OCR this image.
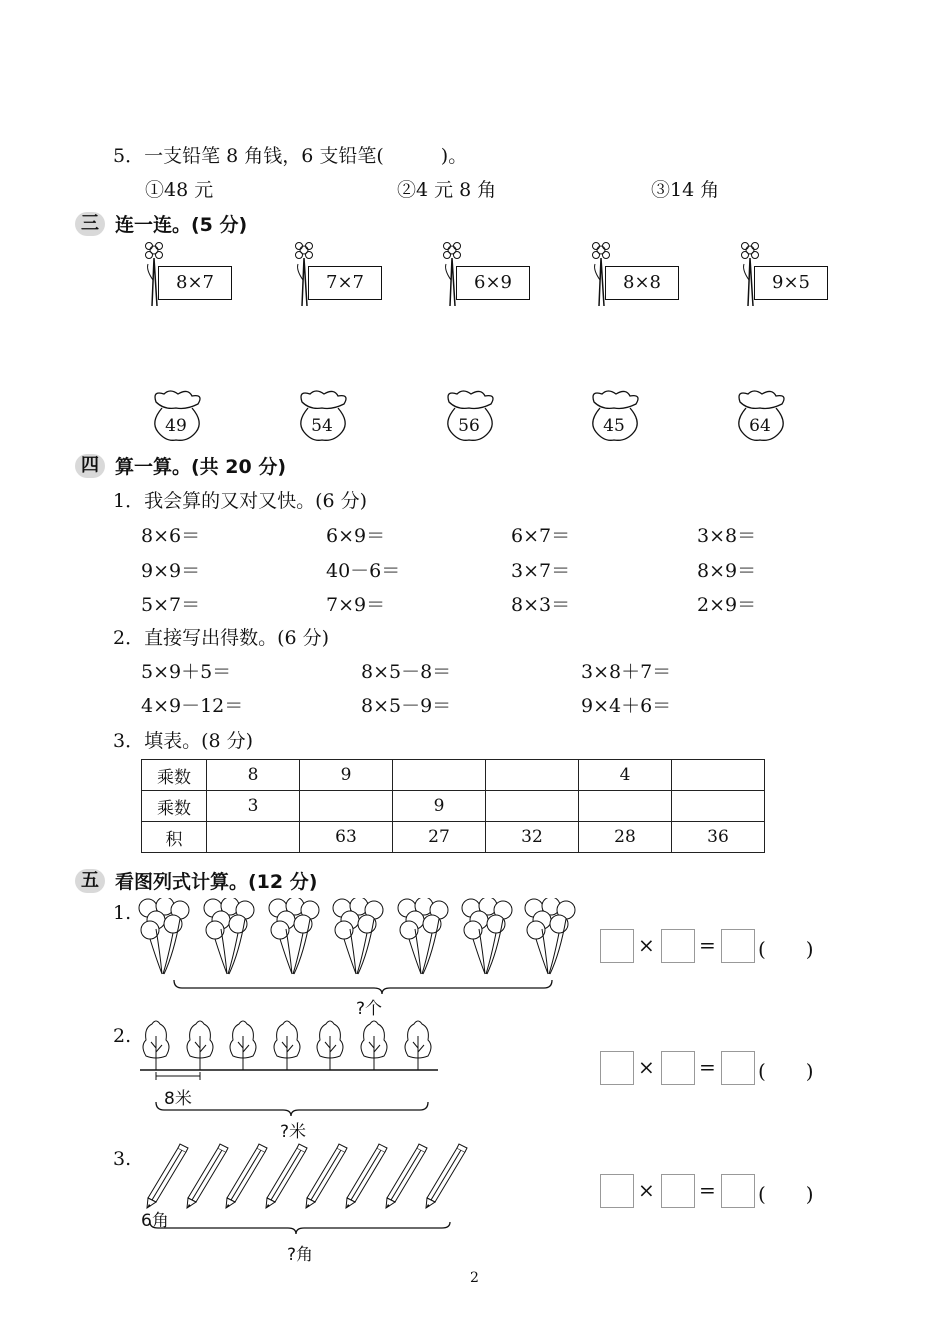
5．一支铅笔 8 角钱，6 支铅笔(　　　)。
①48 元	②4 元 8 角	③14 角
三 连一连。(5 分)
8×7	7×7	6×9	8×8	9×5
49	54	56	45	64
四 算一算。(共 20 分)
1．我会算的又对又快。(6 分)
8×6＝	6×9＝	6×7＝	3×8＝
9×9＝	40－6＝	3×7＝	8×9＝
5×7＝	7×9＝	8×3＝	2×9＝
2．直接写出得数。(6 分)
5×9＋5＝	8×5－8＝	3×8＋7＝
4×9－12＝	8×5－9＝	9×4＋6＝
3．填表。(8 分)
乘数	8	9			4	
乘数	3		9			
积		63	27	32	28	36
五 看图列式计算。(12 分)
1.
?个
2.
8米
?米
3.
6角
?角
× = (　　)
× = (　　)
× = (　　)
2
